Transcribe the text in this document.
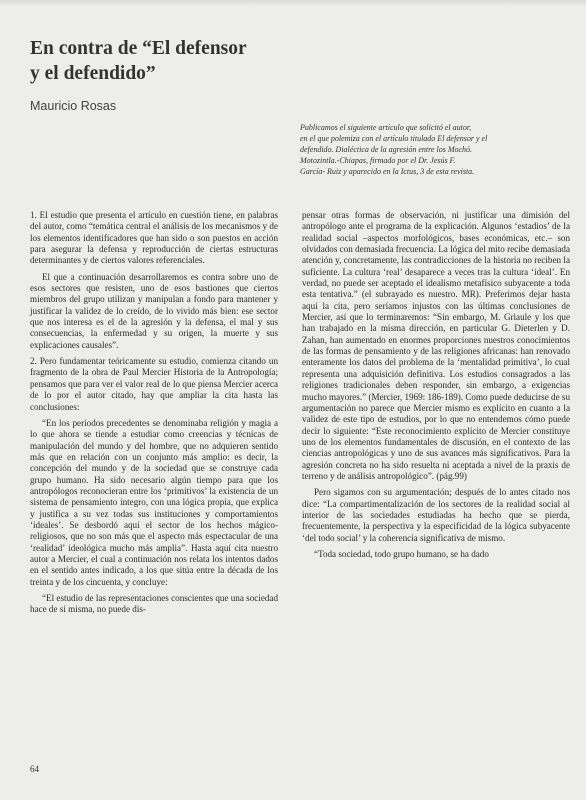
En contra de “El defensor
y el defendido”
Mauricio Rosas
Publicamos el siguiente artículo que solicitó el autor,
en el que polemiza con el artículo titulado El defensor y el
defendido. Dialéctica de la agresión entre los Mochó.
Motozintla.-Chiapas, firmado por el Dr. Jesús F.
García- Ruiz y aparecido en la Ictus, 3 de esta revista.

1. El estudio que presenta el artículo en cuestión tiene, en palabras del autor, como “temática central el análisis de los mecanismos y de los elementos identificadores que han sido o son puestos en acción para asegurar la defensa y reproducción de ciertas estructuras determinantes y de ciertos valores referenciales.

El que a continuación desarrollaremos es contra sobre uno de esos sectores que resisten, uno de esos bastiones que ciertos miembros del grupo utilizan y manipulan a fondo para mantener y justificar la validez de lo creído, de lo vivido más bien: ese sector que nos interesa es el de la agresión y la defensa, el mal y sus consecuencias, la enfermedad y su origen, la muerte y sus explicaciones causales”.

2. Pero fundamentar teóricamente su estudio, comienza citando un fragmento de la obra de Paul Mercier Historia de la Antropología; pensamos que para ver el valor real de lo que piensa Mercier acerca de lo por el autor citado, hay que ampliar la cita hasta las conclusiones:

“En los períodos precedentes se denominaba religión y magia a lo que ahora se tiende a estudiar como creencias y técnicas de manipulación del mundo y del hombre, que no adquieren sentido más que en relación con un conjunto más amplio: es decir, la concepción del mundo y de la sociedad que se construye cada grupo humano. Ha sido necesario algún tiempo para que los antropólogos reconocieran entre los ‘primitivos’ la existencia de un sistema de pensamiento íntegro, con una lógica propia, que explica y justifica a su vez todas sus instituciones y comportamientos ‘ideales’. Se desbordó aquí el sector de los hechos mágico-religiosos, que no son más que el aspecto más espectacular de una ‘realidad’ ideológica mucho más amplia”. Hasta aquí cita nuestro autor a Mercier, el cual a continuación nos relata los intentos dados en el sentido antes indicado, a los que sitúa entre la década de los treinta y de los cincuenta, y concluye:

“El estudio de las representaciones conscientes que una sociedad hace de sí misma, no puede dis-

pensar otras formas de observación, ni justificar una dimisión del antropólogo ante el programa de la explicación. Algunos ‘estadios’ de la realidad social –aspectos morfológicos, bases económicas, etc.– son olvidados con demasiada frecuencia. La lógica del mito recibe demasiada atención y, concretamente, las contradicciones de la historia no reciben la suficiente. La cultura ‘real’ desaparece a veces tras la cultura ‘ideal’. En verdad, no puede ser aceptado el idealismo metafísico subyacente a toda esta tentativa.” (el subrayado es nuestro. MR). Preferimos dejar hasta aquí la cita, pero seríamos injustos con las últimas conclusiones de Mercier, así que lo terminaremos: “Sin embargo, M. Griaule y los que han trabajado en la misma dirección, en particular G. Dieterlen y D. Zahan, han aumentado en enormes proporciones nuestros conocimientos de las formas de pensamiento y de las religiones africanas: han renovado enteramente los datos del problema de la ‘mentalidad primitiva’, lo cual representa una adquisición definitiva. Los estudios consagrados a las religiones tradicionales deben responder, sin embargo, a exigencias mucho mayores.” (Mercier, 1969: 186-189). Como puede deducirse de su argumentación no parece que Mercier mismo es explícito en cuanto a la validez de este tipo de estudios, por lo que no entendemos cómo puede decir lo siguiente: “Este reconocimiento explícito de Mercier constituye uno de los elementos fundamentales de discusión, en el contexto de las ciencias antropológicas y uno de sus avances más significativos. Para la agresión concreta no ha sido resuelta ni aceptada a nivel de la praxis de terreno y de análisis antropológico”. (pág.99)

Pero sigamos con su argumentación; después de lo antes citado nos dice: “La compartimentalización de los sectores de la realidad social al interior de las sociedades estudiadas ha hecho que se pierda, frecuentemente, la perspectiva y la especificidad de la lógica subyacente ‘del todo social’ y la coherencia significativa de mismo.

“Toda sociedad, todo grupo humano, se ha dado

64
